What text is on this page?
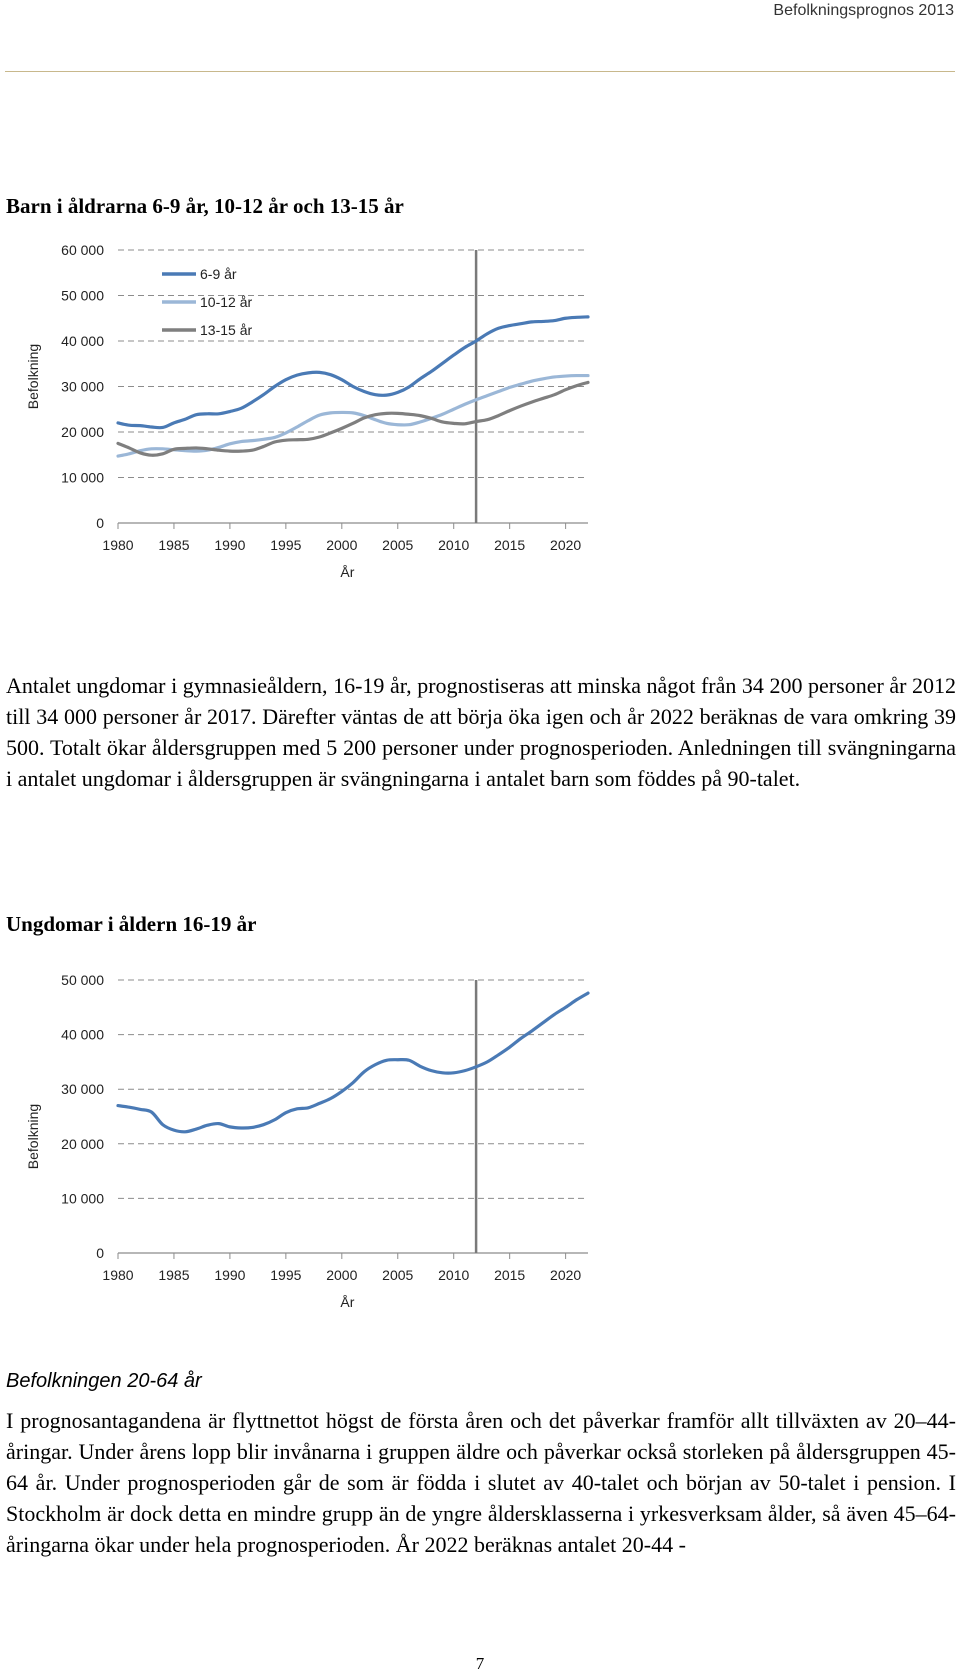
Befolkningsprognos 2013
Barn i åldrarna 6-9 år, 10-12 år och 13-15 år
0
10 000
20 000
30 000
40 000
50 000
60 000
1980 1985 1990 1995 2000 2005 2010 2015 2020
År
Befolkning
6-9 år
10-12 år
13-15 år

Antalet ungdomar i gymnasieåldern, 16-19 år, prognostiseras att minska något från 34 200 personer år 2012 till 34 000 personer år 2017. Därefter väntas de att börja öka igen och år 2022 beräknas de vara omkring 39 500. Totalt ökar åldersgruppen med 5 200 personer under prognosperioden. Anledningen till svängningarna i antalet ungdomar i åldersgruppen är svängningarna i antalet barn som föddes på 90-talet.

Ungdomar i åldern 16-19 år
0
10 000
20 000
30 000
40 000
50 000
1980 1985 1990 1995 2000 2005 2010 2015 2020
År
Befolkning
Befolkningen 20-64 år

I prognosantagandena är flyttnettot högst de första åren och det påverkar framför allt tillväxten av 20–44-åringar. Under årens lopp blir invånarna i gruppen äldre och påverkar också storleken på åldersgruppen 45-64 år. Under prognosperioden går de som är födda i slutet av 40-talet och början av 50-talet i pension. I Stockholm är dock detta en mindre grupp än de yngre åldersklasserna i yrkesverksam ålder, så även 45–64-åringarna ökar under hela prognosperioden. År 2022 beräknas antalet 20-44 -

7
